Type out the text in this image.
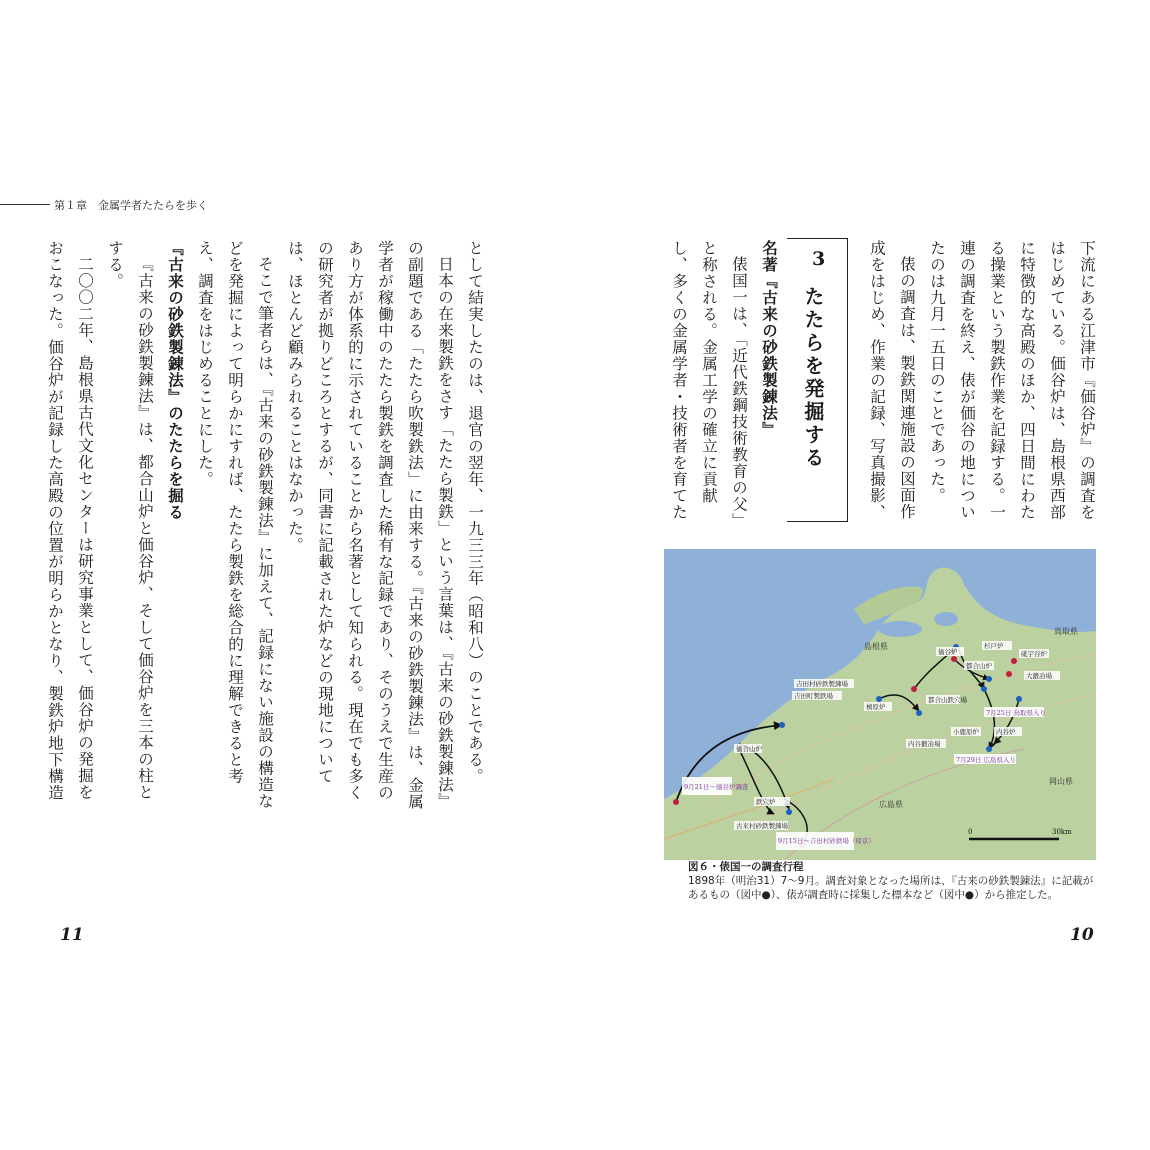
第１章　金属学者たたらを歩く

として結実したのは、退官の翌年、一九三三年（昭和八）のことである。

日本の在来製鉄をさす「たたら製鉄」という言葉は、『古来の砂鉄製錬法』の副題である「たたら吹製鉄法」に由来する。『古来の砂鉄製錬法』は、金属学者が稼働中のたたら製鉄を調査した稀有な記録であり、そのうえで生産のあり方が体系的に示されていることから名著として知られる。現在でも多くの研究者が拠りどころとするが、同書に記載された炉などの現地については、ほとんど顧みられることはなかった。

そこで筆者らは、『古来の砂鉄製錬法』に加えて、記録にない施設の構造などを発掘によって明らかにすれば、たたら製鉄を総合的に理解できると考え、調査をはじめることにした。

『古来の砂鉄製錬法』のたたらを掘る

『古来の砂鉄製錬法』は、都合山炉と価谷炉、そして価谷炉を三本の柱とする。

二〇〇二年、島根県古代文化センターは研究事業として、価谷炉の発掘をおこなった。価谷炉が記録した高殿の位置が明らかとなり、製鉄炉地下構造

11

下流にある江津市『価谷炉』の調査をはじめている。価谷炉は、島根県西部に特徴的な高殿のほか、四日間にわたる操業という製鉄作業を記録する。一連の調査を終え、俵が価谷の地についたのは九月一五日のことであった。

俵の調査は、製鉄関連施設の図面作成をはじめ、作業の記録、写真撮影、

3
たたらを発掘する

名著『古来の砂鉄製錬法』

俵国一は、「近代鉄鋼技術教育の父」と称される。金属工学の確立に貢献し、多くの金属学者・技術者を育てた

島根県
鳥取県
広島県
岡山県
吉田村砂鉄製錬場
吉田町製鉄場
槙原炉
内谷鍛冶場
価谷炉
都合山炉
杉戸炉
砥宇谷炉
大鍛冶場
都合山鉄穴場
小鹿原炉	内谷炉
価合山炉
鉄穴炉
古来村砂鉄製錬場
9月21日〜価谷炉調査
7月25日 鳥取県入り
7月29日 広島県入り
9月15日〜吉田村砂鉄場（帰京）
0	30km
図６・俵国一の調査行程
1898年（明治31）7〜9月。調査対象となった場所は、『古来の砂鉄製錬法』に記載があるもの（図中●）、俵が調査時に採集した標本など（図中●）から推定した。
10
